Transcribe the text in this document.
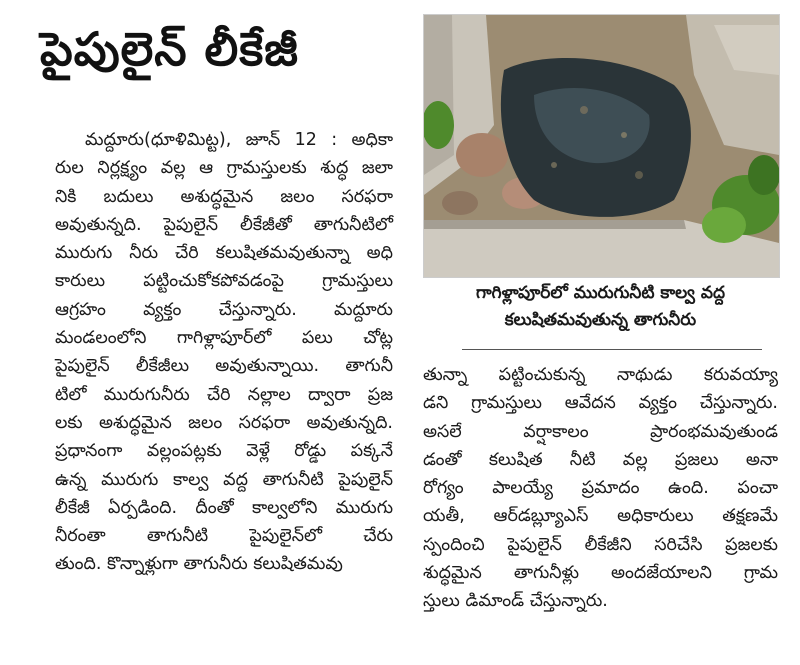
పైపులైన్ లీకేజీ
మద్దూరు(ధూళిమిట్ట), జూన్ 12 : అధికా
రుల నిర్లక్ష్యం వల్ల ఆ గ్రామస్తులకు శుద్ధ జలా
నికి బదులు అశుద్ధమైన జలం సరఫరా
అవుతున్నది. పైపులైన్ లీకేజీతో తాగునీటిలో
మురుగు నీరు చేరి కలుషితమవుతున్నా అధి
కారులు పట్టించుకోకపోవడంపై గ్రామస్తులు
ఆగ్రహం వ్యక్తం చేస్తున్నారు. మద్దూరు
మండలంలోని గాగిళ్లాపూర్‌లో పలు చోట్ల
పైపులైన్ లీకేజీలు అవుతున్నాయి. తాగునీ
టిలో మురుగునీరు చేరి నల్లాల ద్వారా ప్రజ
లకు అశుద్ధమైన జలం సరఫరా అవుతున్నది.
ప్రధానంగా వల్లంపట్లకు వెళ్లే రోడ్డు పక్కనే
ఉన్న మురుగు కాల్వ వద్ద తాగునీటి పైపులైన్
లీకేజీ ఏర్పడింది. దీంతో కాల్వలోని మురుగు
నీరంతా తాగునీటి పైపులైన్‌లో చేరు
తుంది. కొన్నాళ్లుగా తాగునీరు కలుషితమవు
గాగిళ్లాపూర్‌లో మురుగునీటి కాల్వ వద్ద
కలుషితమవుతున్న తాగునీరు
తున్నా పట్టించుకున్న నాథుడు కరువయ్యా
డని గ్రామస్తులు ఆవేదన వ్యక్తం చేస్తున్నారు.
అసలే వర్షాకాలం ప్రారంభమవుతుండ
డంతో కలుషిత నీటి వల్ల ప్రజలు అనా
రోగ్యం పాలయ్యే ప్రమాదం ఉంది. పంచా
యతీ, ఆర్‌డబ్ల్యూఎస్ అధికారులు తక్షణమే
స్పందించి పైపులైన్ లీకేజీని సరిచేసి ప్రజలకు
శుద్ధమైన తాగునీళ్లు అందజేయాలని గ్రామ
స్తులు డిమాండ్ చేస్తున్నారు.
